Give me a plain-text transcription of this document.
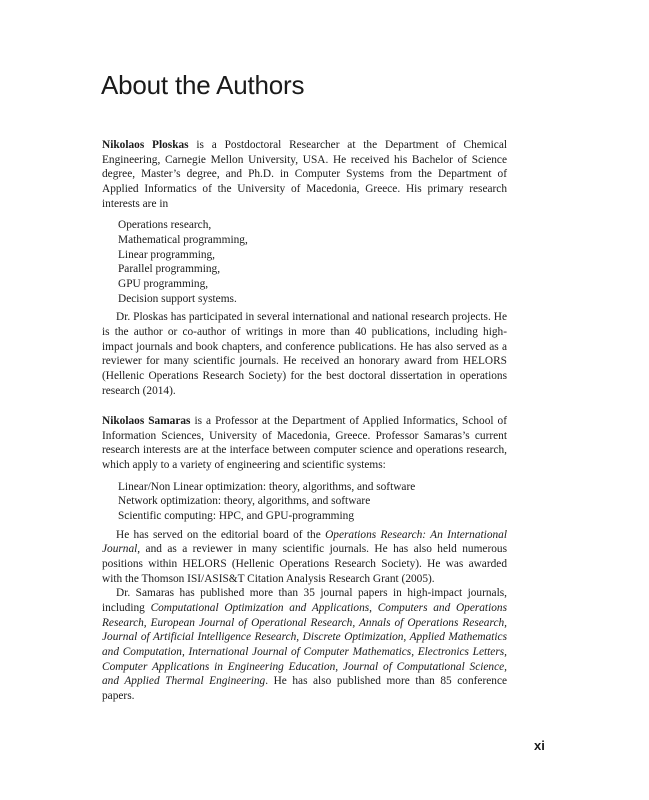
About the Authors

Nikolaos Ploskas is a Postdoctoral Researcher at the Department of Chemical Engineering, Carnegie Mellon University, USA. He received his Bachelor of Science degree, Master’s degree, and Ph.D. in Computer Systems from the Department of Applied Informatics of the University of Macedonia, Greece. His primary research interests are in

Operations research,
Mathematical programming,
Linear programming,
Parallel programming,
GPU programming,
Decision support systems.

Dr. Ploskas has participated in several international and national research projects. He is the author or co-author of writings in more than 40 publications, including high-impact journals and book chapters, and conference publications. He has also served as a reviewer for many scientific journals. He received an honorary award from HELORS (Hellenic Operations Research Society) for the best doctoral dissertation in operations research (2014).

Nikolaos Samaras is a Professor at the Department of Applied Informatics, School of Information Sciences, University of Macedonia, Greece. Professor Samaras’s current research interests are at the interface between computer science and operations research, which apply to a variety of engineering and scientific systems:

Linear/Non Linear optimization: theory, algorithms, and software
Network optimization: theory, algorithms, and software
Scientific computing: HPC, and GPU-programming

He has served on the editorial board of the Operations Research: An International Journal, and as a reviewer in many scientific journals. He has also held numerous positions within HELORS (Hellenic Operations Research Society). He was awarded with the Thomson ISI/ASIS&T Citation Analysis Research Grant (2005).

Dr. Samaras has published more than 35 journal papers in high-impact journals, including Computational Optimization and Applications, Computers and Operations Research, European Journal of Operational Research, Annals of Operations Research, Journal of Artificial Intelligence Research, Discrete Optimization, Applied Mathematics and Computation, International Journal of Computer Mathematics, Electronics Letters, Computer Applications in Engineering Education, Journal of Computational Science, and Applied Thermal Engineering. He has also published more than 85 conference papers.

xi
